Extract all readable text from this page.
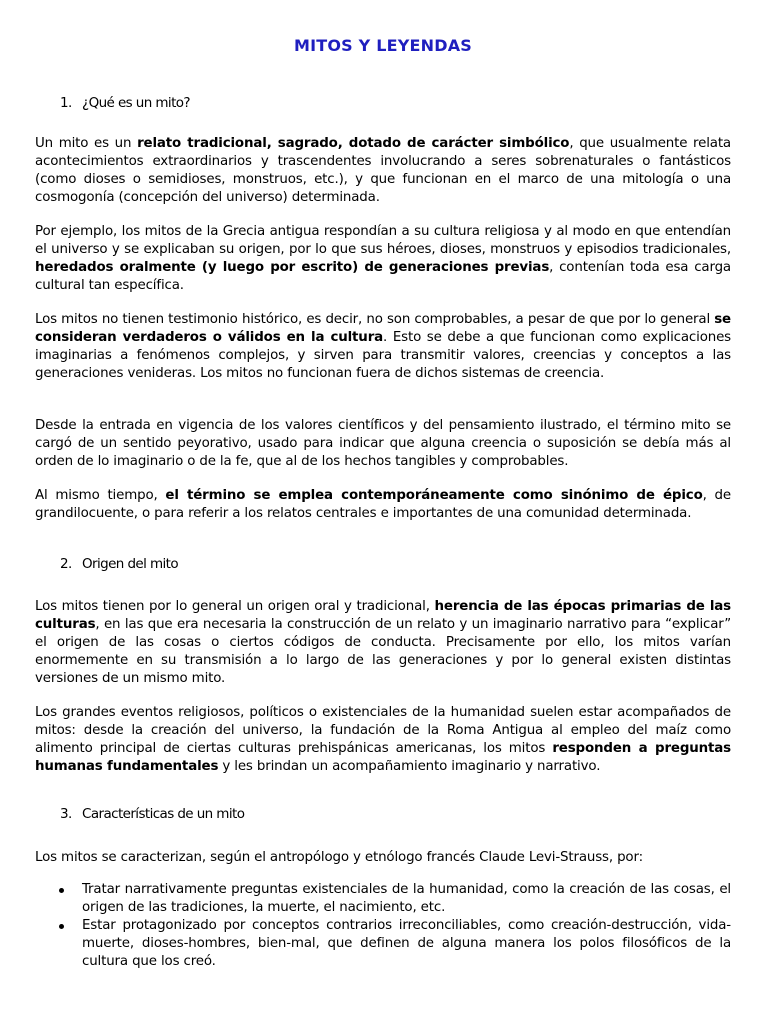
MITOS Y LEYENDAS
1. ¿Qué es un mito?
Un mito es un relato tradicional, sagrado, dotado de carácter simbólico, que usualmente relata acontecimientos extraordinarios y trascendentes involucrando a seres sobrenaturales o fantásticos (como dioses o semidioses, monstruos, etc.), y que funcionan en el marco de una mitología o una cosmogonía (concepción del universo) determinada.
Por ejemplo, los mitos de la Grecia antigua respondían a su cultura religiosa y al modo en que entendían el universo y se explicaban su origen, por lo que sus héroes, dioses, monstruos y episodios tradicionales, heredados oralmente (y luego por escrito) de generaciones previas, contenían toda esa carga cultural tan específica.
Los mitos no tienen testimonio histórico, es decir, no son comprobables, a pesar de que por lo general se consideran verdaderos o válidos en la cultura. Esto se debe a que funcionan como explicaciones imaginarias a fenómenos complejos, y sirven para transmitir valores, creencias y conceptos a las generaciones venideras. Los mitos no funcionan fuera de dichos sistemas de creencia.
Desde la entrada en vigencia de los valores científicos y del pensamiento ilustrado, el término mito se cargó de un sentido peyorativo, usado para indicar que alguna creencia o suposición se debía más al orden de lo imaginario o de la fe, que al de los hechos tangibles y comprobables.
Al mismo tiempo, el término se emplea contemporáneamente como sinónimo de épico, de grandilocuente, o para referir a los relatos centrales e importantes de una comunidad determinada.
2. Origen del mito
Los mitos tienen por lo general un origen oral y tradicional, herencia de las épocas primarias de las culturas, en las que era necesaria la construcción de un relato y un imaginario narrativo para “explicar” el origen de las cosas o ciertos códigos de conducta. Precisamente por ello, los mitos varían enormemente en su transmisión a lo largo de las generaciones y por lo general existen distintas versiones de un mismo mito.
Los grandes eventos religiosos, políticos o existenciales de la humanidad suelen estar acompañados de mitos: desde la creación del universo, la fundación de la Roma Antigua al empleo del maíz como alimento principal de ciertas culturas prehispánicas americanas, los mitos responden a preguntas humanas fundamentales y les brindan un acompañamiento imaginario y narrativo.
3. Características de un mito
Los mitos se caracterizan, según el antropólogo y etnólogo francés Claude Levi-Strauss, por:
Tratar narrativamente preguntas existenciales de la humanidad, como la creación de las cosas, el origen de las tradiciones, la muerte, el nacimiento, etc.
Estar protagonizado por conceptos contrarios irreconciliables, como creación-destrucción, vida-muerte, dioses-hombres, bien-mal, que definen de alguna manera los polos filosóficos de la cultura que los creó.
